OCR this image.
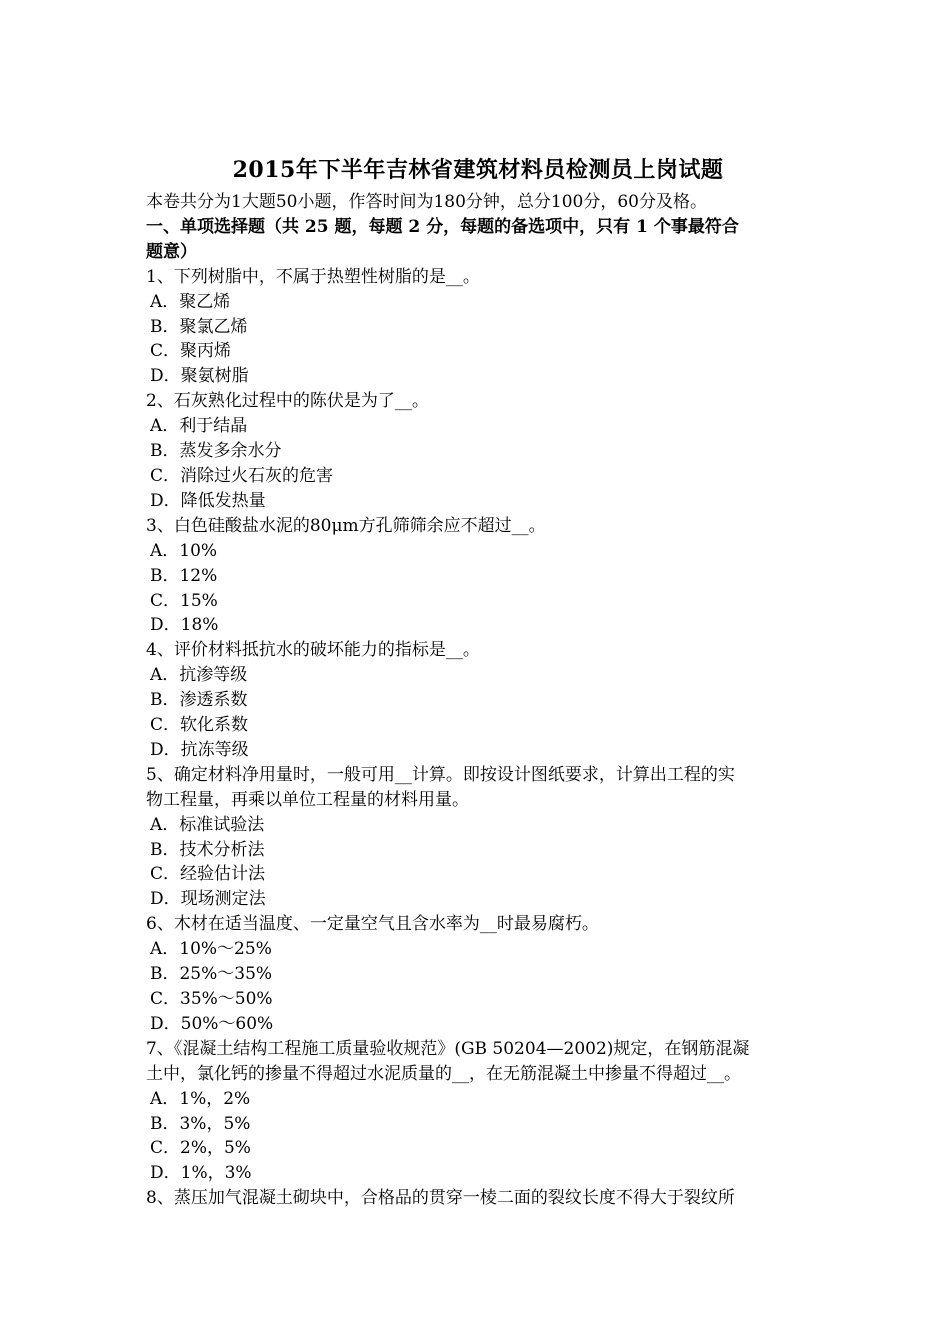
2015年下半年吉林省建筑材料员检测员上岗试题
本卷共分为1大题50小题，作答时间为180分钟，总分100分，60分及格。
一、单项选择题（共 25 题，每题 2 分，每题的备选项中，只有 1 个事最符合
题意）
1、下列树脂中，不属于热塑性树脂的是__。
A．聚乙烯
B．聚氯乙烯
C．聚丙烯
D．聚氨树脂
2、石灰熟化过程中的陈伏是为了__。
A．利于结晶
B．蒸发多余水分
C．消除过火石灰的危害
D．降低发热量
3、白色硅酸盐水泥的80μm方孔筛筛余应不超过__。
A．10%
B．12%
C．15%
D．18%
4、评价材料抵抗水的破坏能力的指标是__。
A．抗渗等级
B．渗透系数
C．软化系数
D．抗冻等级
5、确定材料净用量时，一般可用__计算。即按设计图纸要求，计算出工程的实
物工程量，再乘以单位工程量的材料用量。
A．标准试验法
B．技术分析法
C．经验估计法
D．现场测定法
6、木材在适当温度、一定量空气且含水率为__时最易腐朽。
A．10%～25%
B．25%～35%
C．35%～50%
D．50%～60%
7、《混凝土结构工程施工质量验收规范》(GB 50204—2002)规定，在钢筋混凝
土中，氯化钙的掺量不得超过水泥质量的__，在无筋混凝土中掺量不得超过__。
A．1%，2%
B．3%，5%
C．2%，5%
D．1%，3%
8、蒸压加气混凝土砌块中，合格品的贯穿一棱二面的裂纹长度不得大于裂纹所
